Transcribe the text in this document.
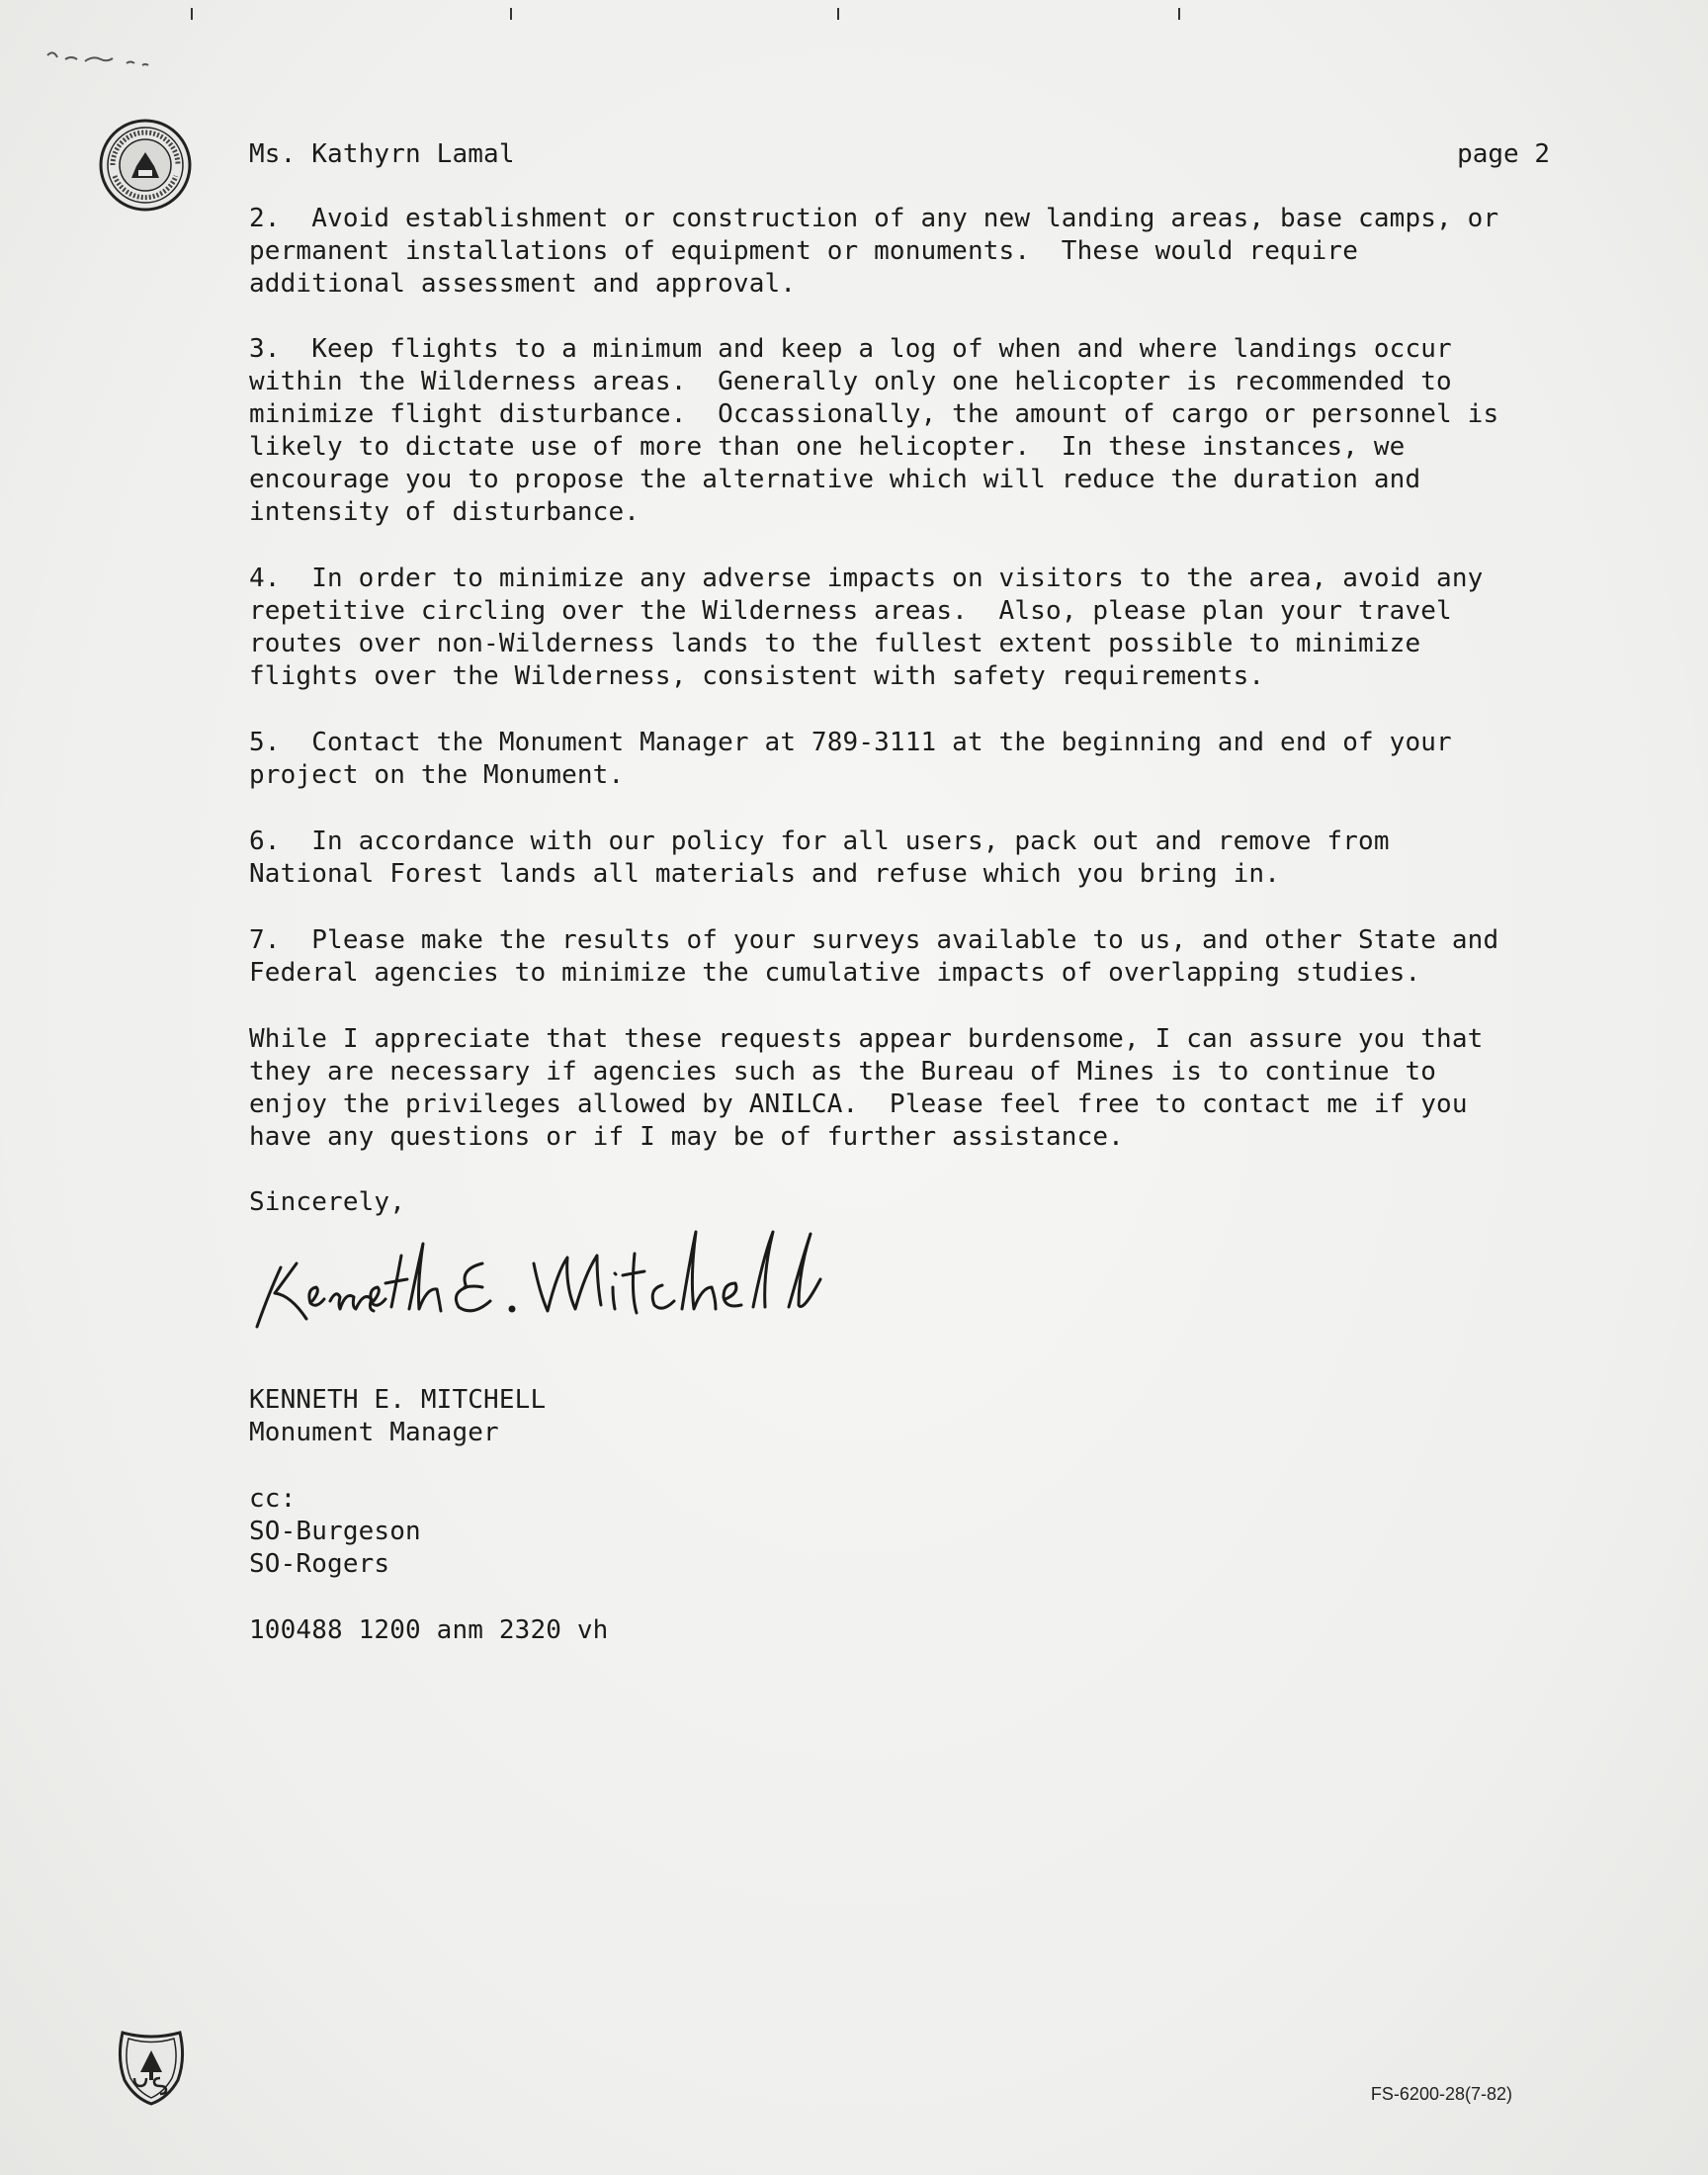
Ms. Kathyrn Lamal	page 2
2.  Avoid establishment or construction of any new landing areas, base camps, or
permanent installations of equipment or monuments.  These would require
additional assessment and approval.
3.  Keep flights to a minimum and keep a log of when and where landings occur
within the Wilderness areas.  Generally only one helicopter is recommended to
minimize flight disturbance.  Occassionally, the amount of cargo or personnel is
likely to dictate use of more than one helicopter.  In these instances, we
encourage you to propose the alternative which will reduce the duration and
intensity of disturbance.
4.  In order to minimize any adverse impacts on visitors to the area, avoid any
repetitive circling over the Wilderness areas.  Also, please plan your travel
routes over non-Wilderness lands to the fullest extent possible to minimize
flights over the Wilderness, consistent with safety requirements.
5.  Contact the Monument Manager at 789-3111 at the beginning and end of your
project on the Monument.
6.  In accordance with our policy for all users, pack out and remove from
National Forest lands all materials and refuse which you bring in.
7.  Please make the results of your surveys available to us, and other State and
Federal agencies to minimize the cumulative impacts of overlapping studies.
While I appreciate that these requests appear burdensome, I can assure you that
they are necessary if agencies such as the Bureau of Mines is to continue to
enjoy the privileges allowed by ANILCA.  Please feel free to contact me if you
have any questions or if I may be of further assistance.
Sincerely,
KENNETH E. MITCHELL
Monument Manager
cc:
SO-Burgeson
SO-Rogers
100488 1200 anm 2320 vh
FS-6200-28(7-82)
